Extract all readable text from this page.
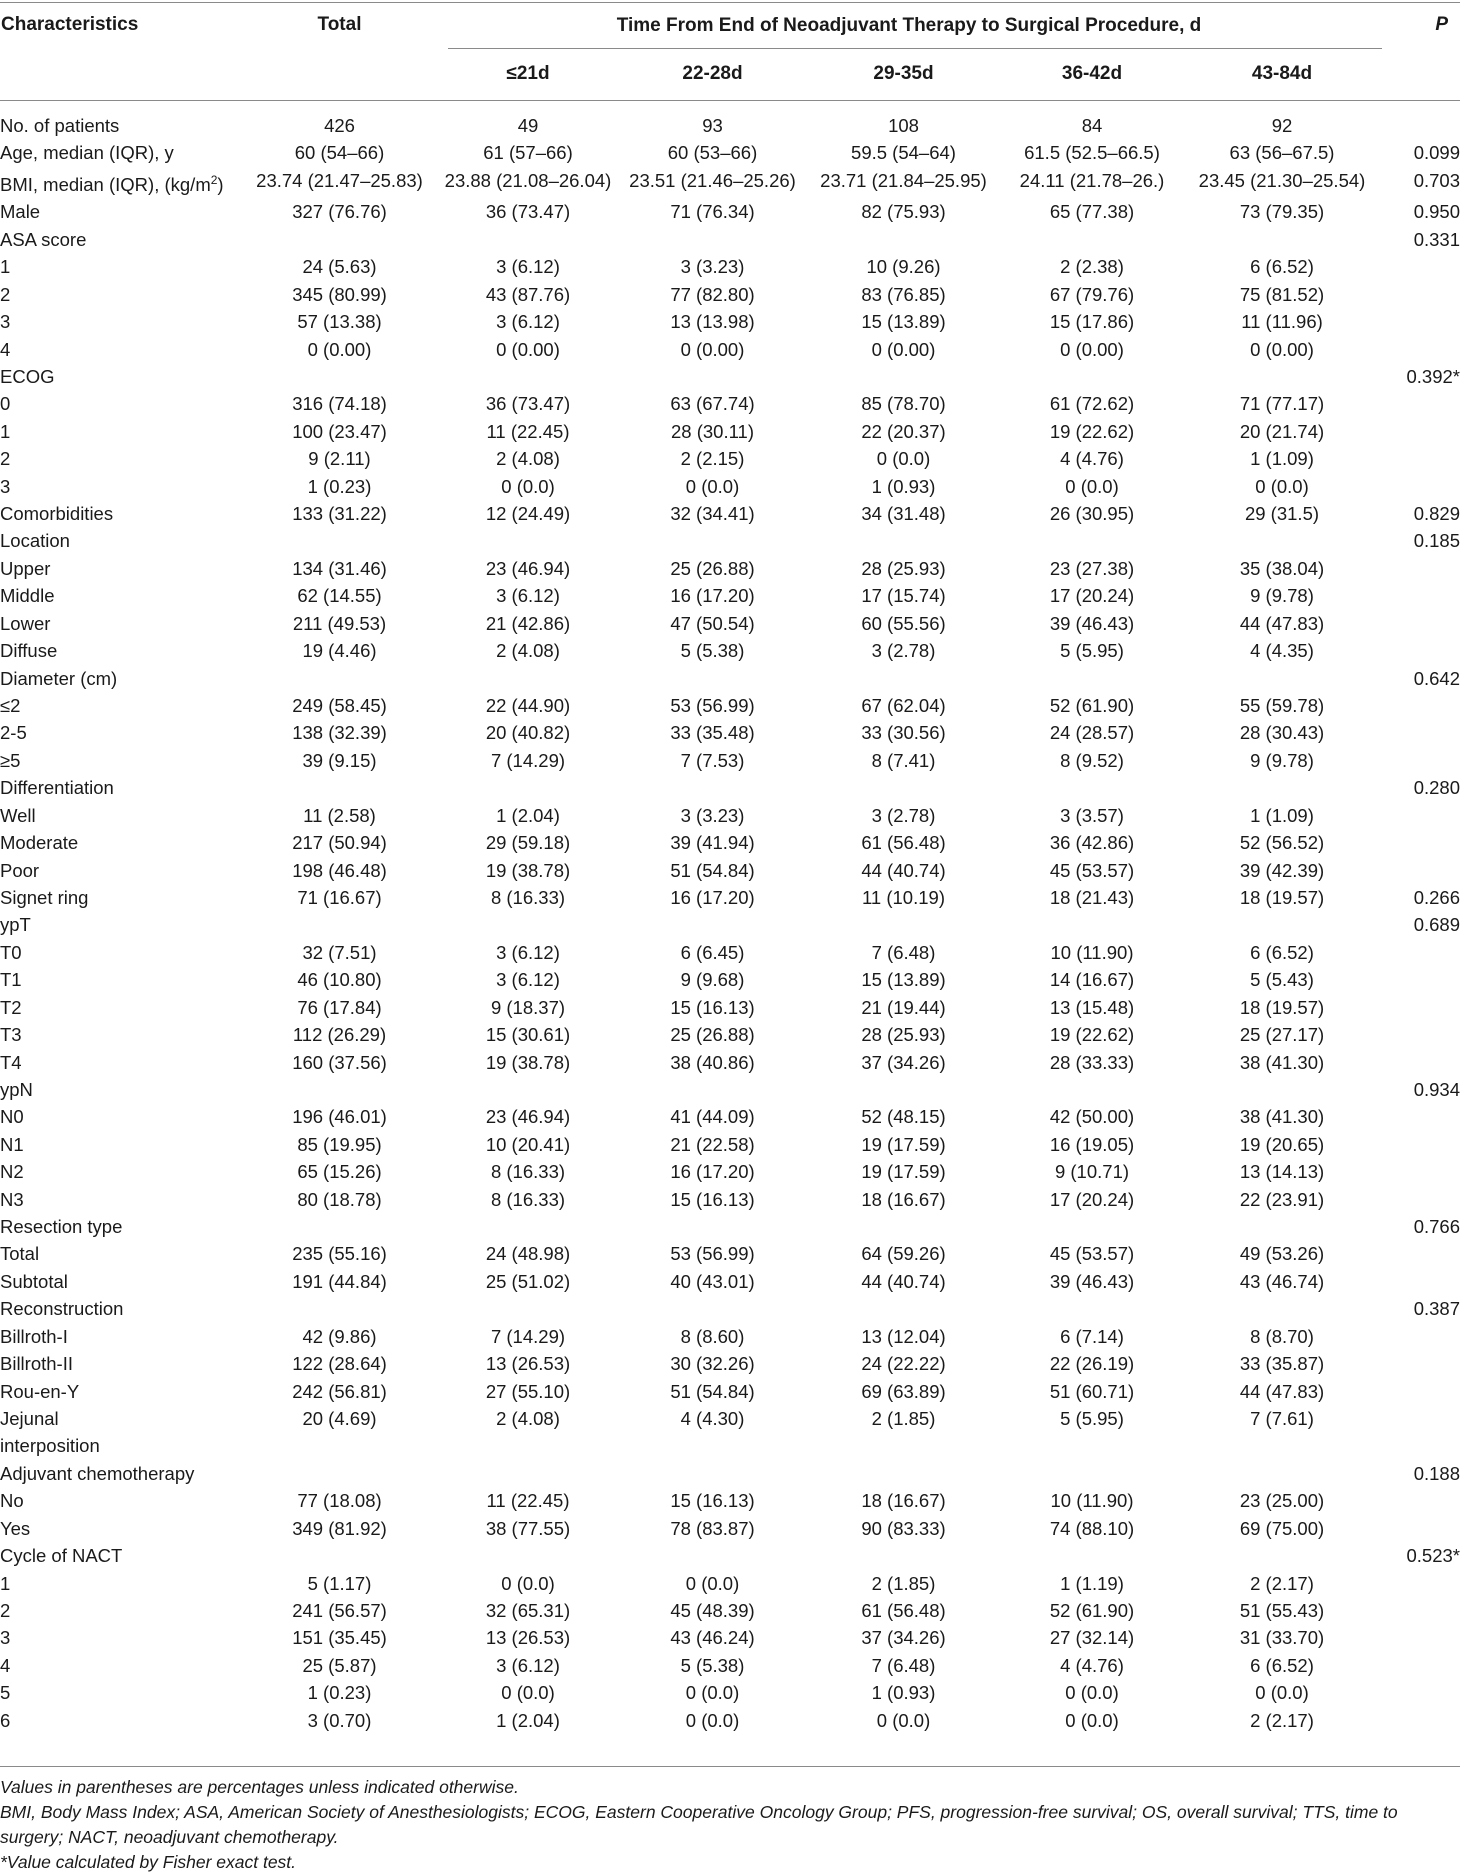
Characteristics	Total	Time From End of Neoadjuvant Therapy to Surgical Procedure, d					P
		≤21d	22-28d	29-35d	36-42d	43-84d	
No. of patients	426	49	93	108	84	92	
Age, median (IQR), y	60 (54–66)	61 (57–66)	60 (53–66)	59.5 (54–64)	61.5 (52.5–66.5)	63 (56–67.5)	0.099
BMI, median (IQR), $(kg/m^2)$	23.74 (21.47–25.83)	23.88 (21.08–26.04)	23.51 (21.46–25.26)	23.71 (21.84–25.95)	24.11 (21.78–26.)	23.45 (21.30–25.54)	0.703
Male	327 (76.76)	36 (73.47)	71 (76.34)	82 (75.93)	65 (77.38)	73 (79.35)	0.950
ASA score							0.331
1	24 (5.63)	3 (6.12)	3 (3.23)	10 (9.26)	2 (2.38)	6 (6.52)	
2	345 (80.99)	43 (87.76)	77 (82.80)	83 (76.85)	67 (79.76)	75 (81.52)	
3	57 (13.38)	3 (6.12)	13 (13.98)	15 (13.89)	15 (17.86)	11 (11.96)	
4	0 (0.00)	0 (0.00)	0 (0.00)	0 (0.00)	0 (0.00)	0 (0.00)	
ECOG							0.392*
0	316 (74.18)	36 (73.47)	63 (67.74)	85 (78.70)	61 (72.62)	71 (77.17)	
1	100 (23.47)	11 (22.45)	28 (30.11)	22 (20.37)	19 (22.62)	20 (21.74)	
2	9 (2.11)	2 (4.08)	2 (2.15)	0 (0.0)	4 (4.76)	1 (1.09)	
3	1 (0.23)	0 (0.0)	0 (0.0)	1 (0.93)	0 (0.0)	0 (0.0)	
Comorbidities	133 (31.22)	12 (24.49)	32 (34.41)	34 (31.48)	26 (30.95)	29 (31.5)	0.829
Location							0.185
Upper	134 (31.46)	23 (46.94)	25 (26.88)	28 (25.93)	23 (27.38)	35 (38.04)	
Middle	62 (14.55)	3 (6.12)	16 (17.20)	17 (15.74)	17 (20.24)	9 (9.78)	
Lower	211 (49.53)	21 (42.86)	47 (50.54)	60 (55.56)	39 (46.43)	44 (47.83)	
Diffuse	19 (4.46)	2 (4.08)	5 (5.38)	3 (2.78)	5 (5.95)	4 (4.35)	
Diameter (cm)							0.642
≤2	249 (58.45)	22 (44.90)	53 (56.99)	67 (62.04)	52 (61.90)	55 (59.78)	
2-5	138 (32.39)	20 (40.82)	33 (35.48)	33 (30.56)	24 (28.57)	28 (30.43)	
≥5	39 (9.15)	7 (14.29)	7 (7.53)	8 (7.41)	8 (9.52)	9 (9.78)	
Differentiation							0.280
Well	11 (2.58)	1 (2.04)	3 (3.23)	3 (2.78)	3 (3.57)	1 (1.09)	
Moderate	217 (50.94)	29 (59.18)	39 (41.94)	61 (56.48)	36 (42.86)	52 (56.52)	
Poor	198 (46.48)	19 (38.78)	51 (54.84)	44 (40.74)	45 (53.57)	39 (42.39)	
Signet ring	71 (16.67)	8 (16.33)	16 (17.20)	11 (10.19)	18 (21.43)	18 (19.57)	0.266
ypT							0.689
T0	32 (7.51)	3 (6.12)	6 (6.45)	7 (6.48)	10 (11.90)	6 (6.52)	
T1	46 (10.80)	3 (6.12)	9 (9.68)	15 (13.89)	14 (16.67)	5 (5.43)	
T2	76 (17.84)	9 (18.37)	15 (16.13)	21 (19.44)	13 (15.48)	18 (19.57)	
T3	112 (26.29)	15 (30.61)	25 (26.88)	28 (25.93)	19 (22.62)	25 (27.17)	
T4	160 (37.56)	19 (38.78)	38 (40.86)	37 (34.26)	28 (33.33)	38 (41.30)	
ypN							0.934
N0	196 (46.01)	23 (46.94)	41 (44.09)	52 (48.15)	42 (50.00)	38 (41.30)	
N1	85 (19.95)	10 (20.41)	21 (22.58)	19 (17.59)	16 (19.05)	19 (20.65)	
N2	65 (15.26)	8 (16.33)	16 (17.20)	19 (17.59)	9 (10.71)	13 (14.13)	
N3	80 (18.78)	8 (16.33)	15 (16.13)	18 (16.67)	17 (20.24)	22 (23.91)	
Resection type							0.766
Total	235 (55.16)	24 (48.98)	53 (56.99)	64 (59.26)	45 (53.57)	49 (53.26)	
Subtotal	191 (44.84)	25 (51.02)	40 (43.01)	44 (40.74)	39 (46.43)	43 (46.74)	
Reconstruction							0.387
Billroth-I	42 (9.86)	7 (14.29)	8 (8.60)	13 (12.04)	6 (7.14)	8 (8.70)	
Billroth-II	122 (28.64)	13 (26.53)	30 (32.26)	24 (22.22)	22 (26.19)	33 (35.87)	
Rou-en-Y	242 (56.81)	27 (55.10)	51 (54.84)	69 (63.89)	51 (60.71)	44 (47.83)	
Jejunal	20 (4.69)	2 (4.08)	4 (4.30)	2 (1.85)	5 (5.95)	7 (7.61)	
interposition							
Adjuvant chemotherapy							0.188
No	77 (18.08)	11 (22.45)	15 (16.13)	18 (16.67)	10 (11.90)	23 (25.00)	
Yes	349 (81.92)	38 (77.55)	78 (83.87)	90 (83.33)	74 (88.10)	69 (75.00)	
Cycle of NACT							0.523*
1	5 (1.17)	0 (0.0)	0 (0.0)	2 (1.85)	1 (1.19)	2 (2.17)	
2	241 (56.57)	32 (65.31)	45 (48.39)	61 (56.48)	52 (61.90)	51 (55.43)	
3	151 (35.45)	13 (26.53)	43 (46.24)	37 (34.26)	27 (32.14)	31 (33.70)	
4	25 (5.87)	3 (6.12)	5 (5.38)	7 (6.48)	4 (4.76)	6 (6.52)	
5	1 (0.23)	0 (0.0)	0 (0.0)	1 (0.93)	0 (0.0)	0 (0.0)	
6	3 (0.70)	1 (2.04)	0 (0.0)	0 (0.0)	0 (0.0)	2 (2.17)	

Values in parentheses are percentages unless indicated otherwise.

BMI, Body Mass Index; ASA, American Society of Anesthesiologists; ECOG, Eastern Cooperative Oncology Group; PFS, progression-free survival; OS, overall survival; TTS, time to surgery; NACT, neoadjuvant chemotherapy.

*Value calculated by Fisher exact test.
